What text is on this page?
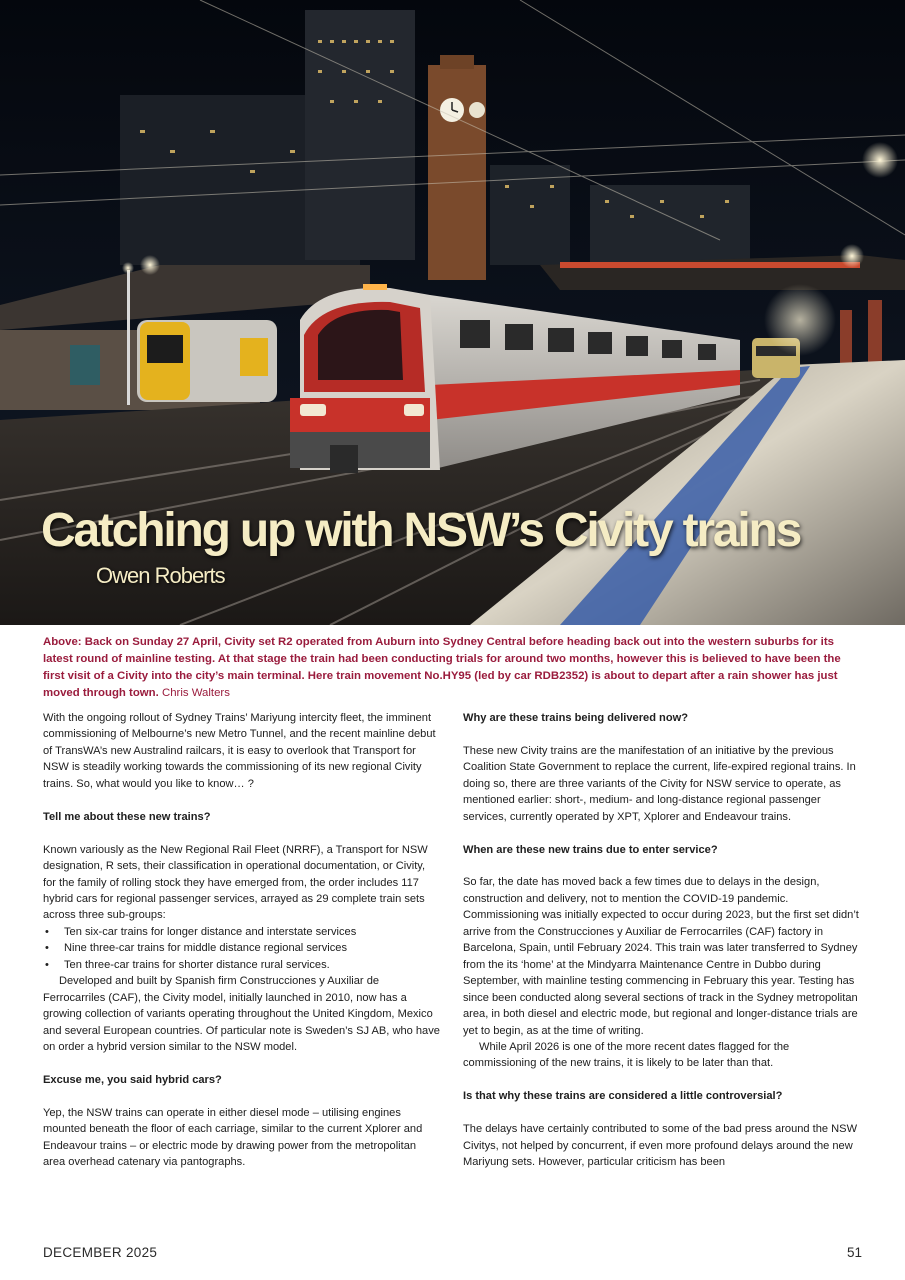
Catching up with NSW’s Civity trains
Owen Roberts
Above: Back on Sunday 27 April, Civity set R2 operated from Auburn into Sydney Central before heading back out into the western suburbs for its latest round of mainline testing. At that stage the train had been conducting trials for around two months, however this is believed to have been the first visit of a Civity into the city’s main terminal. Here train movement No.HY95 (led by car RDB2352) is about to depart after a rain shower has just moved through town. Chris Walters

With the ongoing rollout of Sydney Trains’ Mariyung intercity fleet, the imminent commissioning of Melbourne’s new Metro Tunnel, and the recent mainline debut of TransWA’s new Australind railcars, it is easy to overlook that Transport for NSW is steadily working towards the commissioning of its new regional Civity trains. So, what would you like to know… ?

Tell me about these new trains?

Known variously as the New Regional Rail Fleet (NRRF), a Transport for NSW designation, R sets, their classification in operational documentation, or Civity, for the family of rolling stock they have emerged from, the order includes 117 hybrid cars for regional passenger services, arrayed as 29 complete train sets across three sub-groups:

• Ten six-car trains for longer distance and interstate services
• Nine three-car trains for middle distance regional services
• Ten three-car trains for shorter distance rural services.

Developed and built by Spanish firm Construcciones y Auxiliar de Ferrocarriles (CAF), the Civity model, initially launched in 2010, now has a growing collection of variants operating throughout the United Kingdom, Mexico and several European countries. Of particular note is Sweden’s SJ AB, who have on order a hybrid version similar to the NSW model.

Excuse me, you said hybrid cars?

Yep, the NSW trains can operate in either diesel mode – utilising engines mounted beneath the floor of each carriage, similar to the current Xplorer and Endeavour trains – or electric mode by drawing power from the metropolitan area overhead catenary via pantographs.

Why are these trains being delivered now?

These new Civity trains are the manifestation of an initiative by the previous Coalition State Government to replace the current, life-expired regional trains. In doing so, there are three variants of the Civity for NSW service to operate, as mentioned earlier: short-, medium- and long-distance regional passenger services, currently operated by XPT, Xplorer and Endeavour trains.

When are these new trains due to enter service?

So far, the date has moved back a few times due to delays in the design, construction and delivery, not to mention the COVID-19 pandemic. Commissioning was initially expected to occur during 2023, but the first set didn’t arrive from the Construcciones y Auxiliar de Ferrocarriles (CAF) factory in Barcelona, Spain, until February 2024. This train was later transferred to Sydney from the its ‘home’ at the Mindyarra Maintenance Centre in Dubbo during September, with mainline testing commencing in February this year. Testing has since been conducted along several sections of track in the Sydney metropolitan area, in both diesel and electric mode, but regional and longer-distance trials are yet to begin, as at the time of writing.

While April 2026 is one of the more recent dates flagged for the commissioning of the new trains, it is likely to be later than that.

Is that why these trains are considered a little controversial?

The delays have certainly contributed to some of the bad press around the NSW Civitys, not helped by concurrent, if even more profound delays around the new Mariyung sets. However, particular criticism has been

DECEMBER 2025	51
